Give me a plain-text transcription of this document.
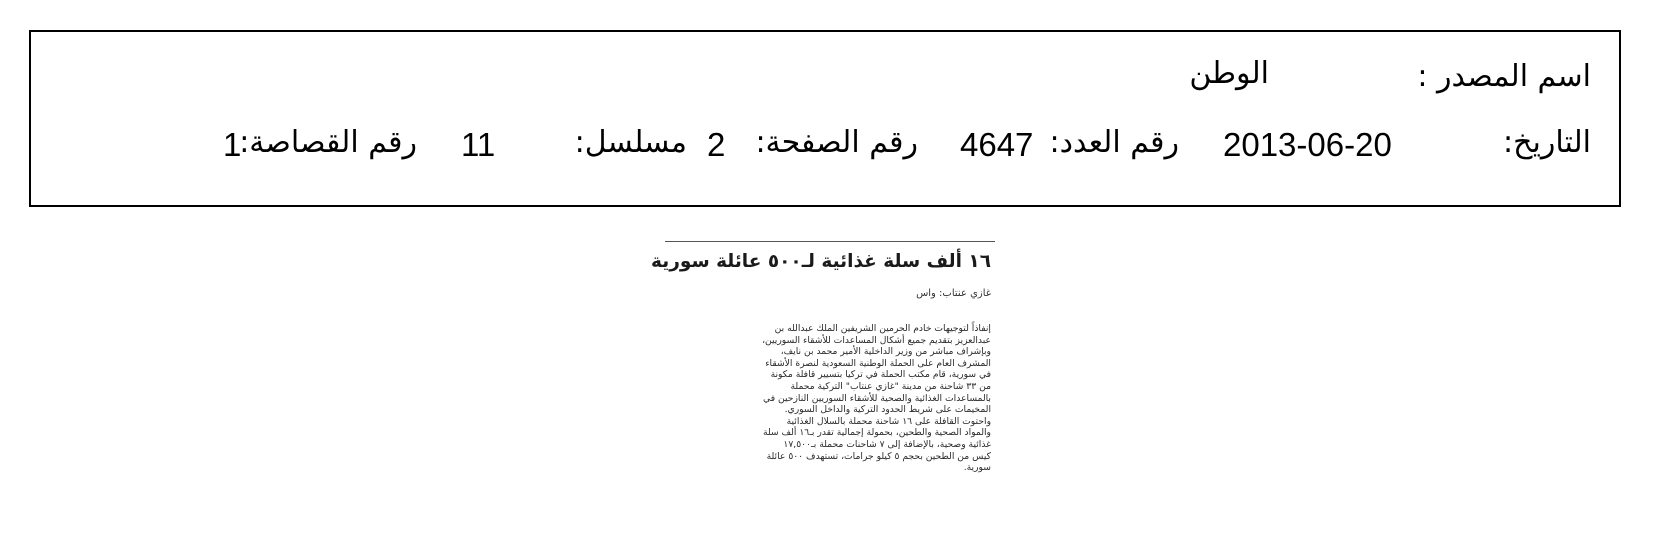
اسم المصدر :
الوطن
التاريخ:
2013-06-20
رقم العدد:
4647
رقم الصفحة:
2
مسلسل:
11
رقم القصاصة:
1
١٦ ألف سلة غذائية لـ٥٠٠ عائلة سورية
غازي عنتاب: واس
إنفاذاً لتوجيهات خادم الحرمين الشريفين الملك عبدالله بن
عبدالعزيز بتقديم جميع أشكال المساعدات للأشقاء السوريين،
وبإشراف مباشر من وزير الداخلية الأمير محمد بن نايف،
المشرف العام على الحملة الوطنية السعودية لنصرة الأشقاء
في سورية، قام مكتب الحملة في تركيا بتسيير قافلة مكونة
من ٣٣ شاحنة من مدينة "غازي عنتاب" التركية محملة
بالمساعدات الغذائية والصحية للأشقاء السوريين النازحين في
المخيمات على شريط الحدود التركية والداخل السوري.
واحتوت القافلة على ١٦ شاحنة محملة بالسلال الغذائية
والمواد الصحية والطحين، بحمولة إجمالية تقدر بـ١٦ ألف سلة
غذائية وصحية، بالإضافة إلى ٧ شاحنات محملة بـ١٧,٥٠٠
كيس من الطحين بحجم ٥ كيلو جرامات، تستهدف ٥٠٠ عائلة
سورية.
